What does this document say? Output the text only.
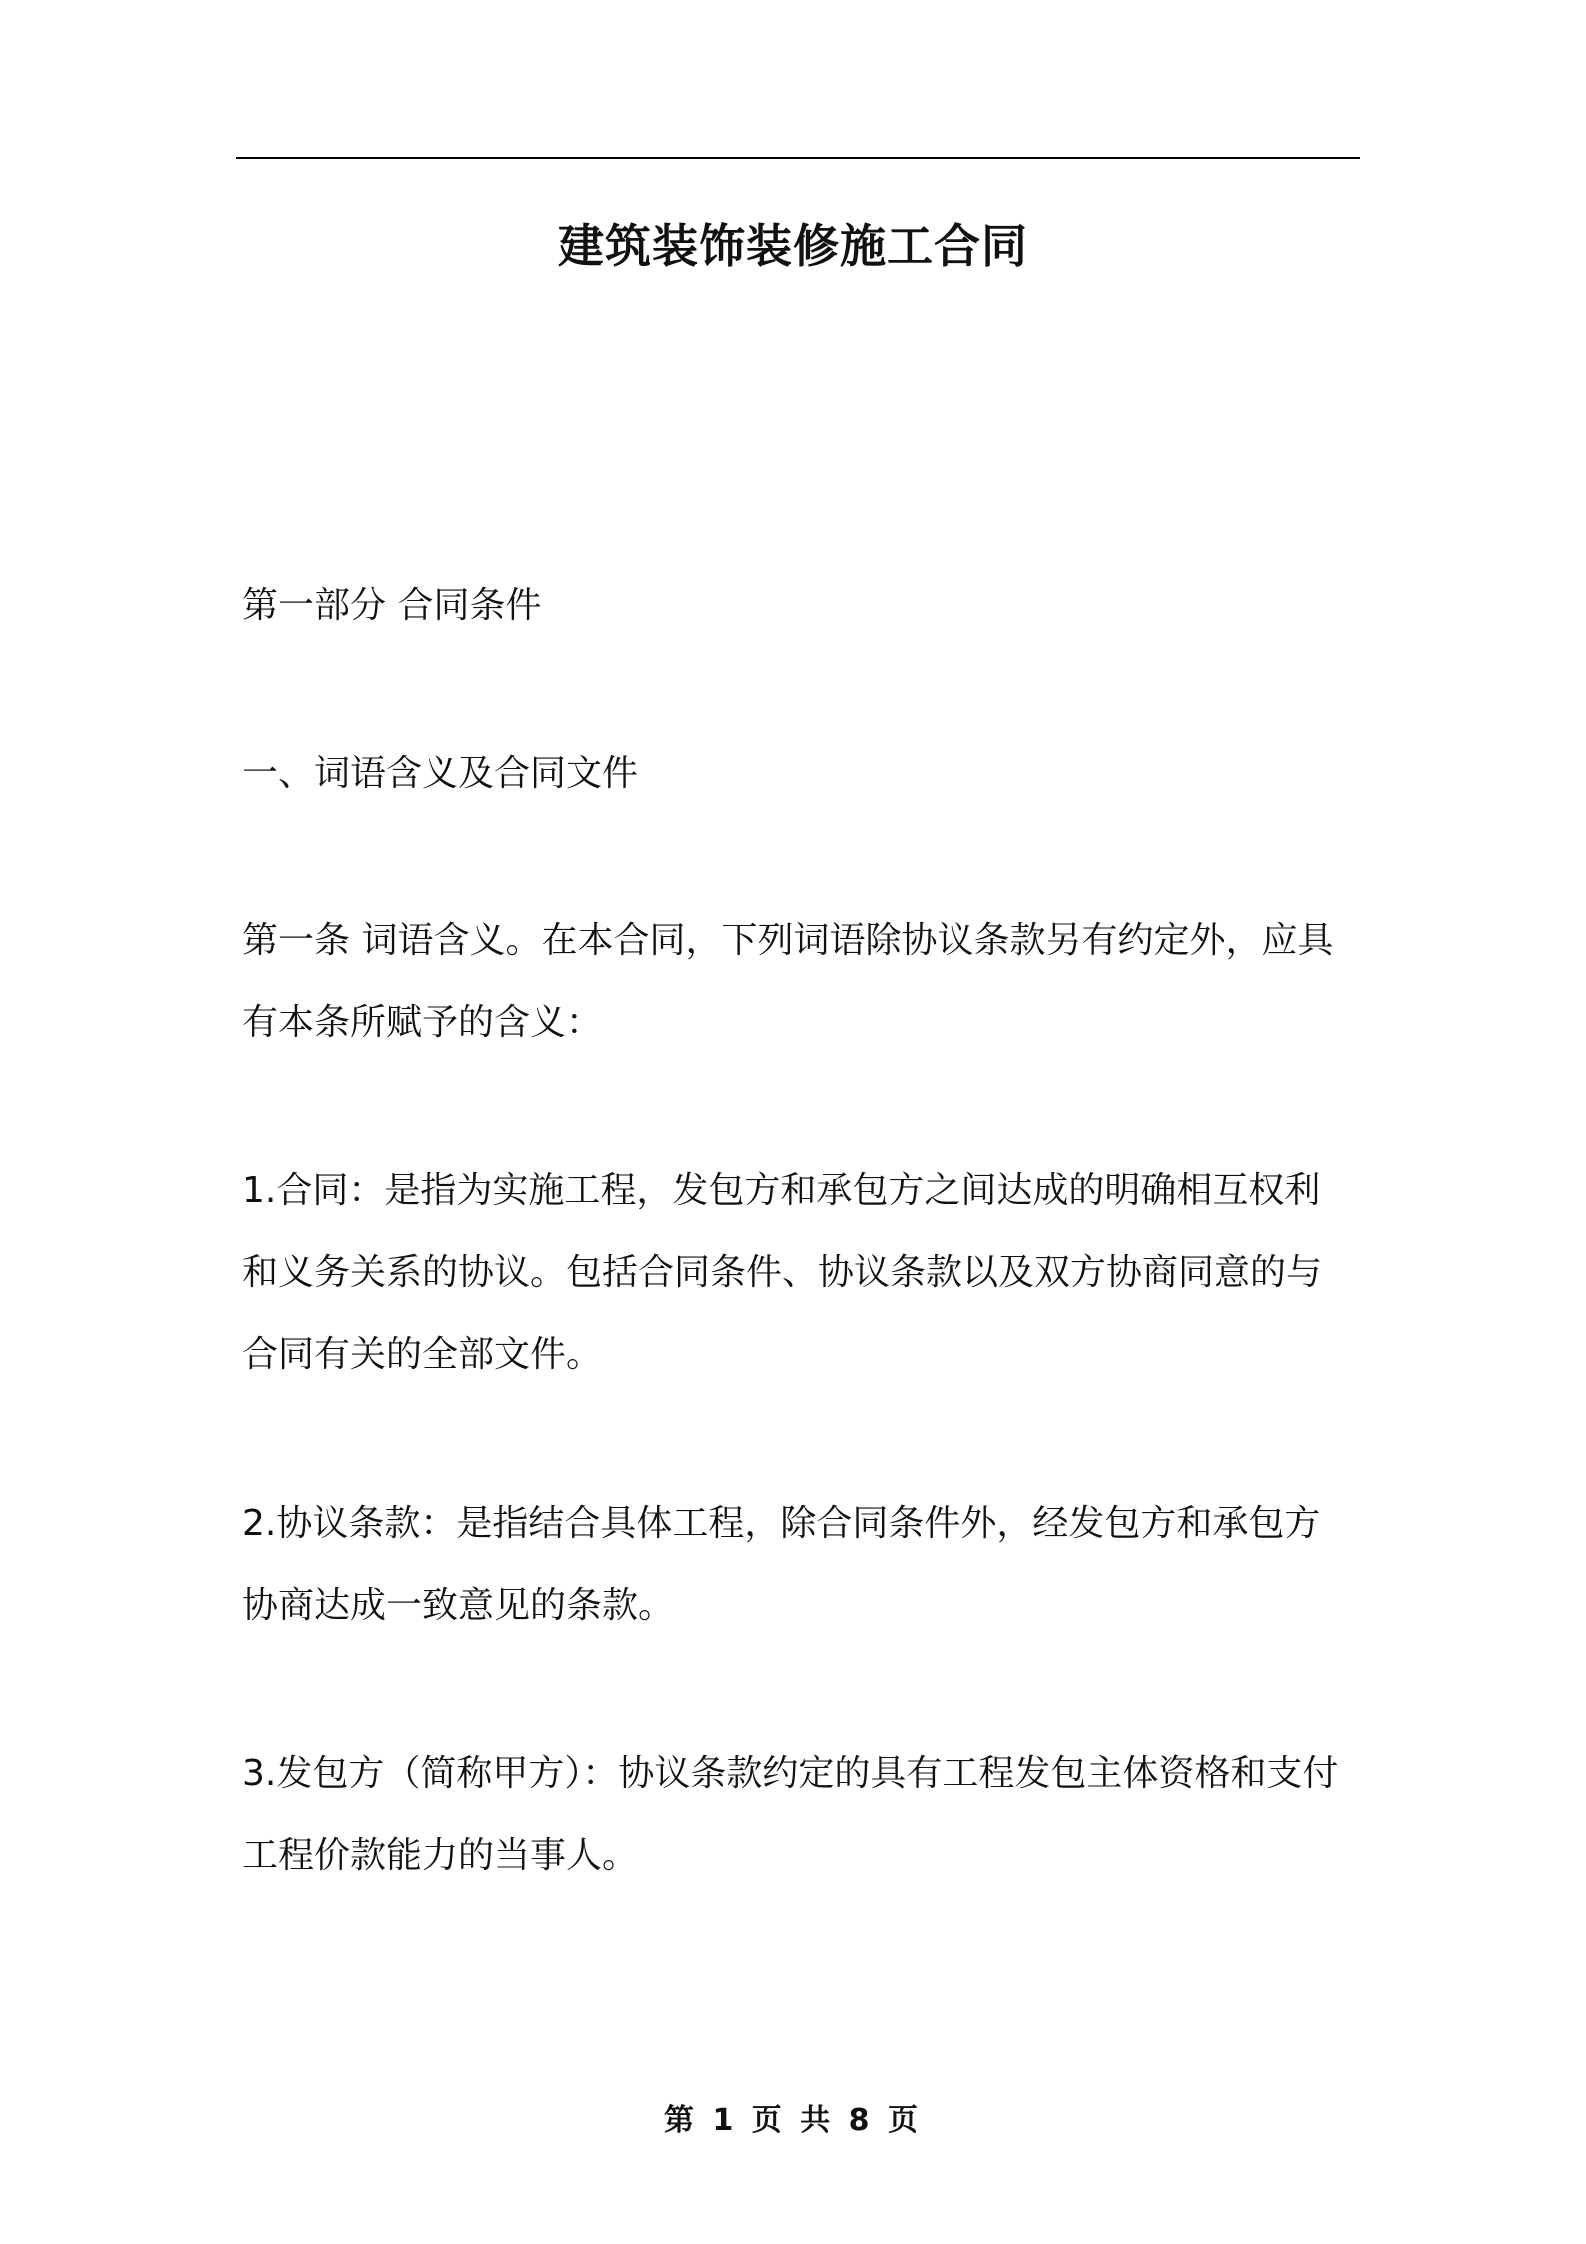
建筑装饰装修施工合同

第一部分 合同条件

一、词语含义及合同文件

第一条 词语含义。在本合同，下列词语除协议条款另有约定外，应具有本条所赋予的含义：

1.合同：是指为实施工程，发包方和承包方之间达成的明确相互权利和义务关系的协议。包括合同条件、协议条款以及双方协商同意的与合同有关的全部文件。

2.协议条款：是指结合具体工程，除合同条件外，经发包方和承包方协商达成一致意见的条款。

3.发包方（简称甲方）：协议条款约定的具有工程发包主体资格和支付工程价款能力的当事人。

第 1 页 共 8 页
